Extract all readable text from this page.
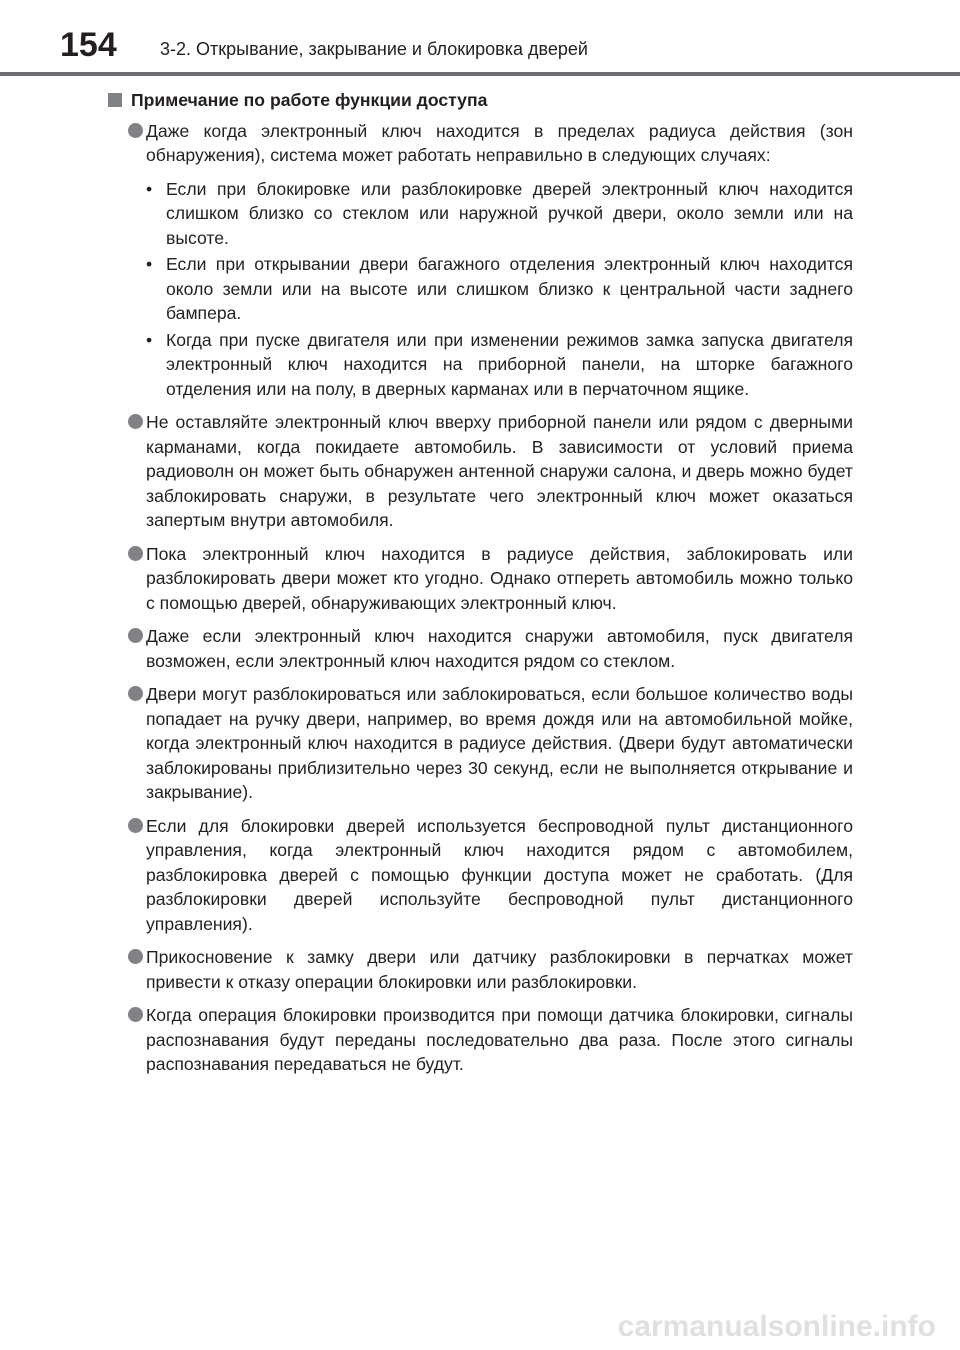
154 3-2. Открывание, закрывание и блокировка дверей
Примечание по работе функции доступа
Даже когда электронный ключ находится в пределах радиуса действия (зон обнаружения), система может работать неправильно в следующих случаях:
• Если при блокировке или разблокировке дверей электронный ключ находится слишком близко со стеклом или наружной ручкой двери, около земли или на высоте.
• Если при открывании двери багажного отделения электронный ключ находится около земли или на высоте или слишком близко к центральной части заднего бампера.
• Когда при пуске двигателя или при изменении режимов замка запуска двигателя электронный ключ находится на приборной панели, на шторке багажного отделения или на полу, в дверных карманах или в перчаточном ящике.
Не оставляйте электронный ключ вверху приборной панели или рядом с дверными карманами, когда покидаете автомобиль. В зависимости от условий приема радиоволн он может быть обнаружен антенной снаружи салона, и дверь можно будет заблокировать снаружи, в результате чего электронный ключ может оказаться запертым внутри автомобиля.
Пока электронный ключ находится в радиусе действия, заблокировать или разблокировать двери может кто угодно. Однако отпереть автомобиль можно только с помощью дверей, обнаруживающих электронный ключ.
Даже если электронный ключ находится снаружи автомобиля, пуск двигателя возможен, если электронный ключ находится рядом со стеклом.
Двери могут разблокироваться или заблокироваться, если большое количество воды попадает на ручку двери, например, во время дождя или на автомобильной мойке, когда электронный ключ находится в радиусе действия. (Двери будут автоматически заблокированы приблизительно через 30 секунд, если не выполняется открывание и закрывание).
Если для блокировки дверей используется беспроводной пульт дистанционного управления, когда электронный ключ находится рядом с автомобилем, разблокировка дверей с помощью функции доступа может не сработать. (Для разблокировки дверей используйте беспроводной пульт дистанционного управления).
Прикосновение к замку двери или датчику разблокировки в перчатках может привести к отказу операции блокировки или разблокировки.
Когда операция блокировки производится при помощи датчика блокировки, сигналы распознавания будут переданы последовательно два раза. После этого сигналы распознавания передаваться не будут.
carmanualsonline.info
